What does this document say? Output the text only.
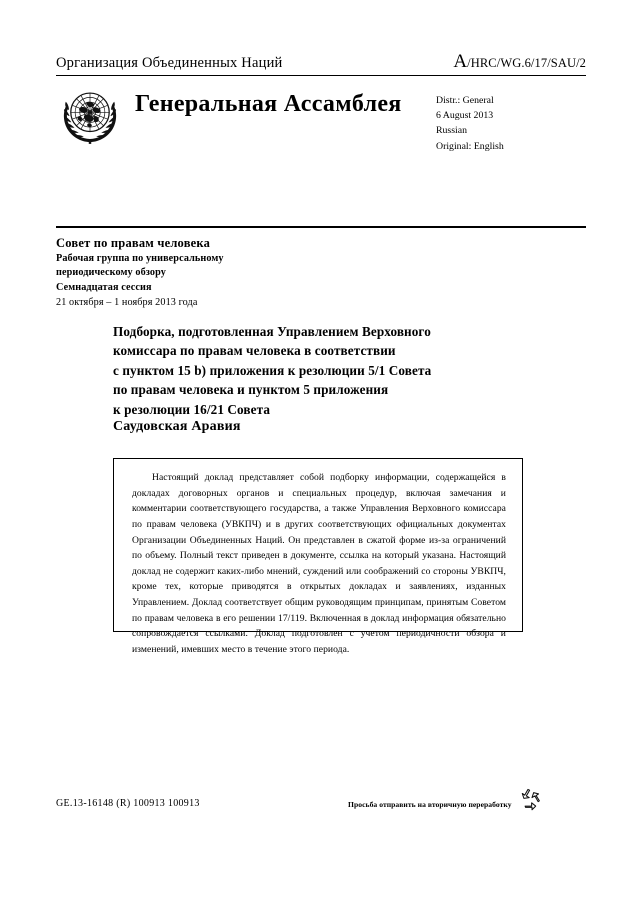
Организация Объединенных Наций	A/HRC/WG.6/17/SAU/2
Генеральная Ассамблея	Distr.: General
6 August 2013
Russian
Original: English
Совет по правам человека
Рабочая группа по универсальному
периодическому обзору
Семнадцатая сессия
21 октября – 1 ноября 2013 года
Подборка, подготовленная Управлением Верховного
комиссара по правам человека в соответствии
с пунктом 15 b) приложения к резолюции 5/1 Совета
по правам человека и пунктом 5 приложения
к резолюции 16/21 Совета
Саудовская Аравия
Настоящий доклад представляет собой подборку информации, содержащейся в докладах договорных органов и специальных процедур, включая замечания и комментарии соответствующего государства, а также Управления Верховного комиссара по правам человека (УВКПЧ) и в других соответствующих официальных документах Организации Объединенных Наций. Он представлен в сжатой форме из-за ограничений по объему. Полный текст приведен в документе, ссылка на который указана. Настоящий доклад не содержит каких-либо мнений, суждений или соображений со стороны УВКПЧ, кроме тех, которые приводятся в открытых докладах и заявлениях, изданных Управлением. Доклад соответствует общим руководящим принципам, принятым Советом по правам человека в его решении 17/119. Включенная в доклад информация обязательно сопровождается ссылками. Доклад подготовлен с учетом периодичности обзора и изменений, имевших место в течение этого периода.
GE.13-16148 (R) 100913 100913	Просьба отправить на вторичную переработку
